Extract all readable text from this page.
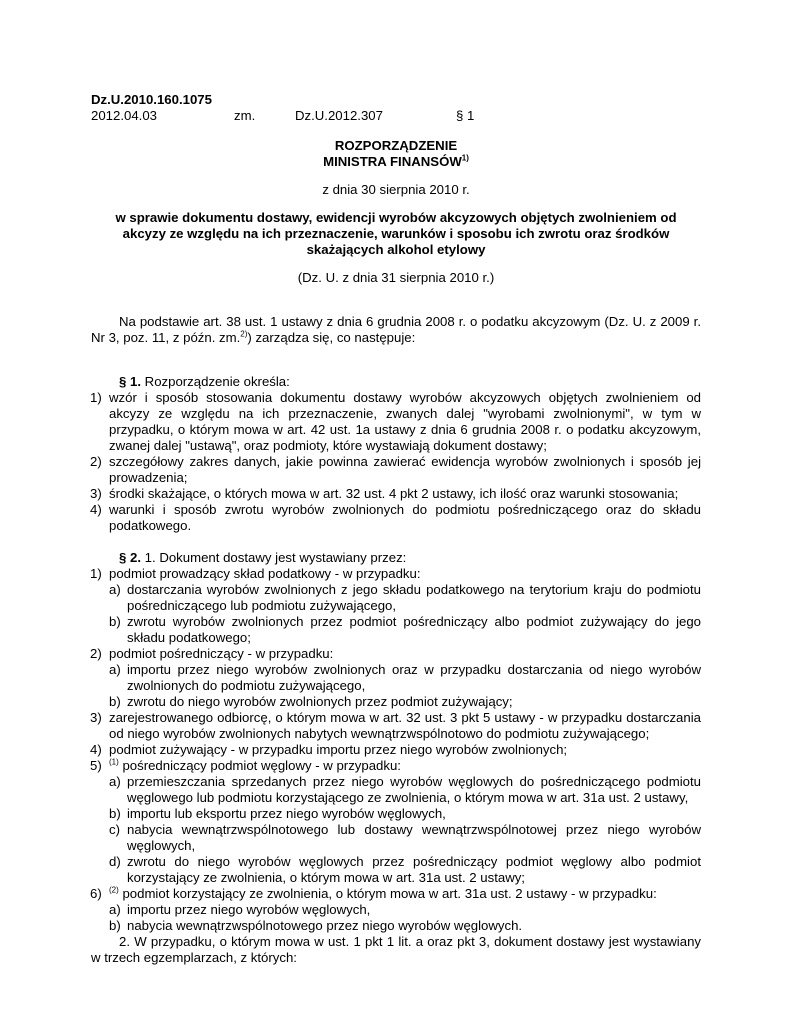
Dz.U.2010.160.1075
2012.04.03	zm.	Dz.U.2012.307	§ 1

ROZPORZĄDZENIE

MINISTRA FINANSÓW$^{1)}$

z dnia 30 sierpnia 2010 r.

w sprawie dokumentu dostawy, ewidencji wyrobów akcyzowych objętych zwolnieniem od akcyzy ze względu na ich przeznaczenie, warunków i sposobu ich zwrotu oraz środków skażających alkohol etylowy

(Dz. U. z dnia 31 sierpnia 2010 r.)

Na podstawie art. 38 ust. 1 ustawy z dnia 6 grudnia 2008 r. o podatku akcyzowym (Dz. U. z 2009 r. Nr 3, poz. 11, z późn. zm.$^{2)}$) zarządza się, co następuje:

§ 1. Rozporządzenie określa:

1) wzór i sposób stosowania dokumentu dostawy wyrobów akcyzowych objętych zwolnieniem od akcyzy ze względu na ich przeznaczenie, zwanych dalej "wyrobami zwolnionymi", w tym w przypadku, o którym mowa w art. 42 ust. 1a ustawy z dnia 6 grudnia 2008 r. o podatku akcyzowym, zwanej dalej "ustawą", oraz podmioty, które wystawiają dokument dostawy;
2) szczegółowy zakres danych, jakie powinna zawierać ewidencja wyrobów zwolnionych i sposób jej prowadzenia;
3) środki skażające, o których mowa w art. 32 ust. 4 pkt 2 ustawy, ich ilość oraz warunki stosowania;
4) warunki i sposób zwrotu wyrobów zwolnionych do podmiotu pośredniczącego oraz do składu podatkowego.

§ 2. 1. Dokument dostawy jest wystawiany przez:

1) podmiot prowadzący skład podatkowy - w przypadku:
a) dostarczania wyrobów zwolnionych z jego składu podatkowego na terytorium kraju do podmiotu pośredniczącego lub podmiotu zużywającego,
b) zwrotu wyrobów zwolnionych przez podmiot pośredniczący albo podmiot zużywający do jego składu podatkowego;
2) podmiot pośredniczący - w przypadku:
a) importu przez niego wyrobów zwolnionych oraz w przypadku dostarczania od niego wyrobów zwolnionych do podmiotu zużywającego,
b) zwrotu do niego wyrobów zwolnionych przez podmiot zużywający;
3) zarejestrowanego odbiorcę, o którym mowa w art. 32 ust. 3 pkt 5 ustawy - w przypadku dostarczania od niego wyrobów zwolnionych nabytych wewnątrzwspólnotowo do podmiotu zużywającego;
4) podmiot zużywający - w przypadku importu przez niego wyrobów zwolnionych;
5) $^{(1)}$ pośredniczący podmiot węglowy - w przypadku:
a) przemieszczania sprzedanych przez niego wyrobów węglowych do pośredniczącego podmiotu węglowego lub podmiotu korzystającego ze zwolnienia, o którym mowa w art. 31a ust. 2 ustawy,
b) importu lub eksportu przez niego wyrobów węglowych,
c) nabycia wewnątrzwspólnotowego lub dostawy wewnątrzwspólnotowej przez niego wyrobów węglowych,
d) zwrotu do niego wyrobów węglowych przez pośredniczący podmiot węglowy albo podmiot korzystający ze zwolnienia, o którym mowa w art. 31a ust. 2 ustawy;
6) $^{(2)}$ podmiot korzystający ze zwolnienia, o którym mowa w art. 31a ust. 2 ustawy - w przypadku:
a) importu przez niego wyrobów węglowych,
b) nabycia wewnątrzwspólnotowego przez niego wyrobów węglowych.

2. W przypadku, o którym mowa w ust. 1 pkt 1 lit. a oraz pkt 3, dokument dostawy jest wystawiany w trzech egzemplarzach, z których:
